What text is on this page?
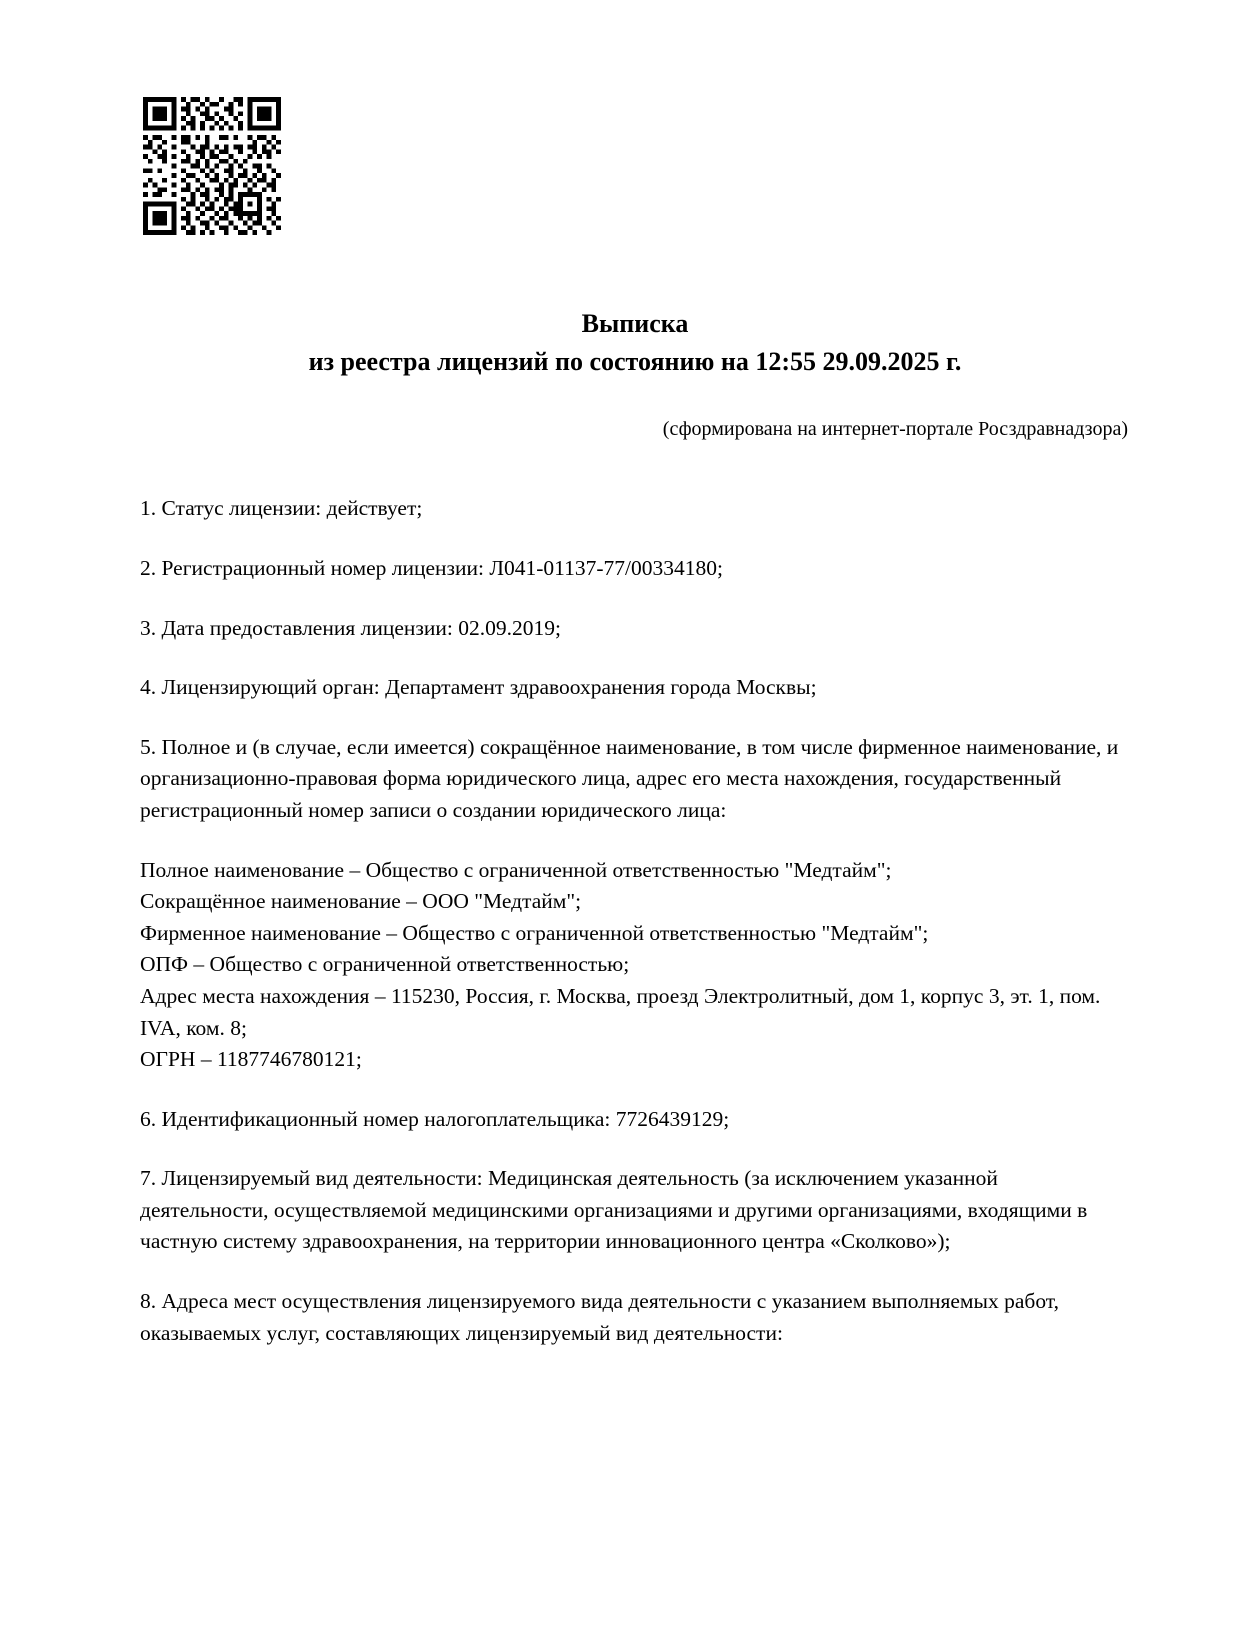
Выписка
из реестра лицензий по состоянию на 12:55 29.09.2025 г.
(сформирована на интернет-портале Росздравнадзора)

1. Статус лицензии: действует;

2. Регистрационный номер лицензии: Л041-01137-77/00334180;

3. Дата предоставления лицензии: 02.09.2019;

4. Лицензирующий орган: Департамент здравоохранения города Москвы;

5. Полное и (в случае, если имеется) сокращённое наименование, в том числе фирменное наименование, и организационно-правовая форма юридического лица, адрес его места нахождения, государственный регистрационный номер записи о создании юридического лица:

Полное наименование – Общество с ограниченной ответственностью "Медтайм";
Сокращённое наименование – ООО "Медтайм";
Фирменное наименование – Общество с ограниченной ответственностью "Медтайм";
ОПФ – Общество с ограниченной ответственностью;
Адрес места нахождения – 115230, Россия, г. Москва, проезд Электролитный, дом 1, корпус 3, эт. 1, пом. IVA, ком. 8;
ОГРН – 1187746780121;

6. Идентификационный номер налогоплательщика: 7726439129;

7. Лицензируемый вид деятельности: Медицинская деятельность (за исключением указанной деятельности, осуществляемой медицинскими организациями и другими организациями, входящими в частную систему здравоохранения, на территории инновационного центра «Сколково»);

8. Адреса мест осуществления лицензируемого вида деятельности с указанием выполняемых работ, оказываемых услуг, составляющих лицензируемый вид деятельности:
